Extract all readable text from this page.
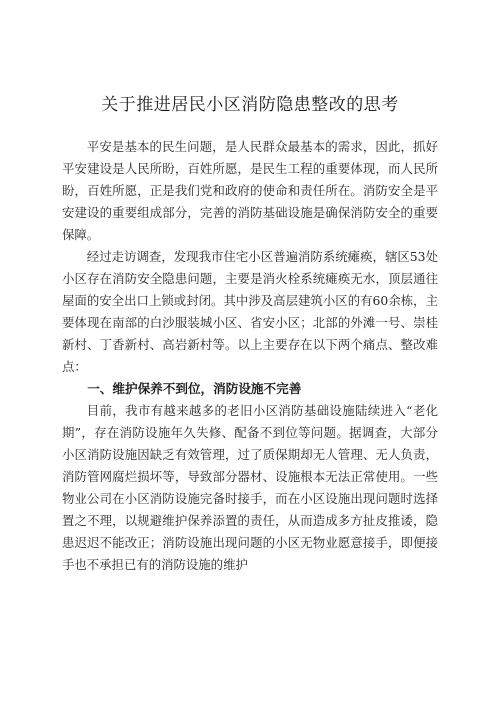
关于推进居民小区消防隐患整改的思考

平安是基本的民生问题，是人民群众最基本的需求，因此，抓好平安建设是人民所盼，百姓所愿，是民生工程的重要体现，而人民所盼，百姓所愿，正是我们党和政府的使命和责任所在。消防安全是平安建设的重要组成部分，完善的消防基础设施是确保消防安全的重要保障。

经过走访调查，发现我市住宅小区普遍消防系统瘫痪，辖区53处小区存在消防安全隐患问题，主要是消火栓系统瘫痪无水，顶层通往屋面的安全出口上锁或封闭。其中涉及高层建筑小区的有60余栋，主要体现在南部的白沙服装城小区、省安小区；北部的外滩一号、崇桂新村、丁香新村、高岩新村等。以上主要存在以下两个痛点、整改难点：

一、维护保养不到位，消防设施不完善

目前，我市有越来越多的老旧小区消防基础设施陆续进入“老化期”，存在消防设施年久失修、配备不到位等问题。据调查，大部分小区消防设施因缺乏有效管理，过了质保期却无人管理、无人负责，消防管网腐烂损坏等，导致部分器材、设施根本无法正常使用。一些物业公司在小区消防设施完备时接手，而在小区设施出现问题时选择置之不理，以规避维护保养添置的责任，从而造成多方扯皮推诿，隐患迟迟不能改正；消防设施出现问题的小区无物业愿意接手，即便接手也不承担已有的消防设施的维护
